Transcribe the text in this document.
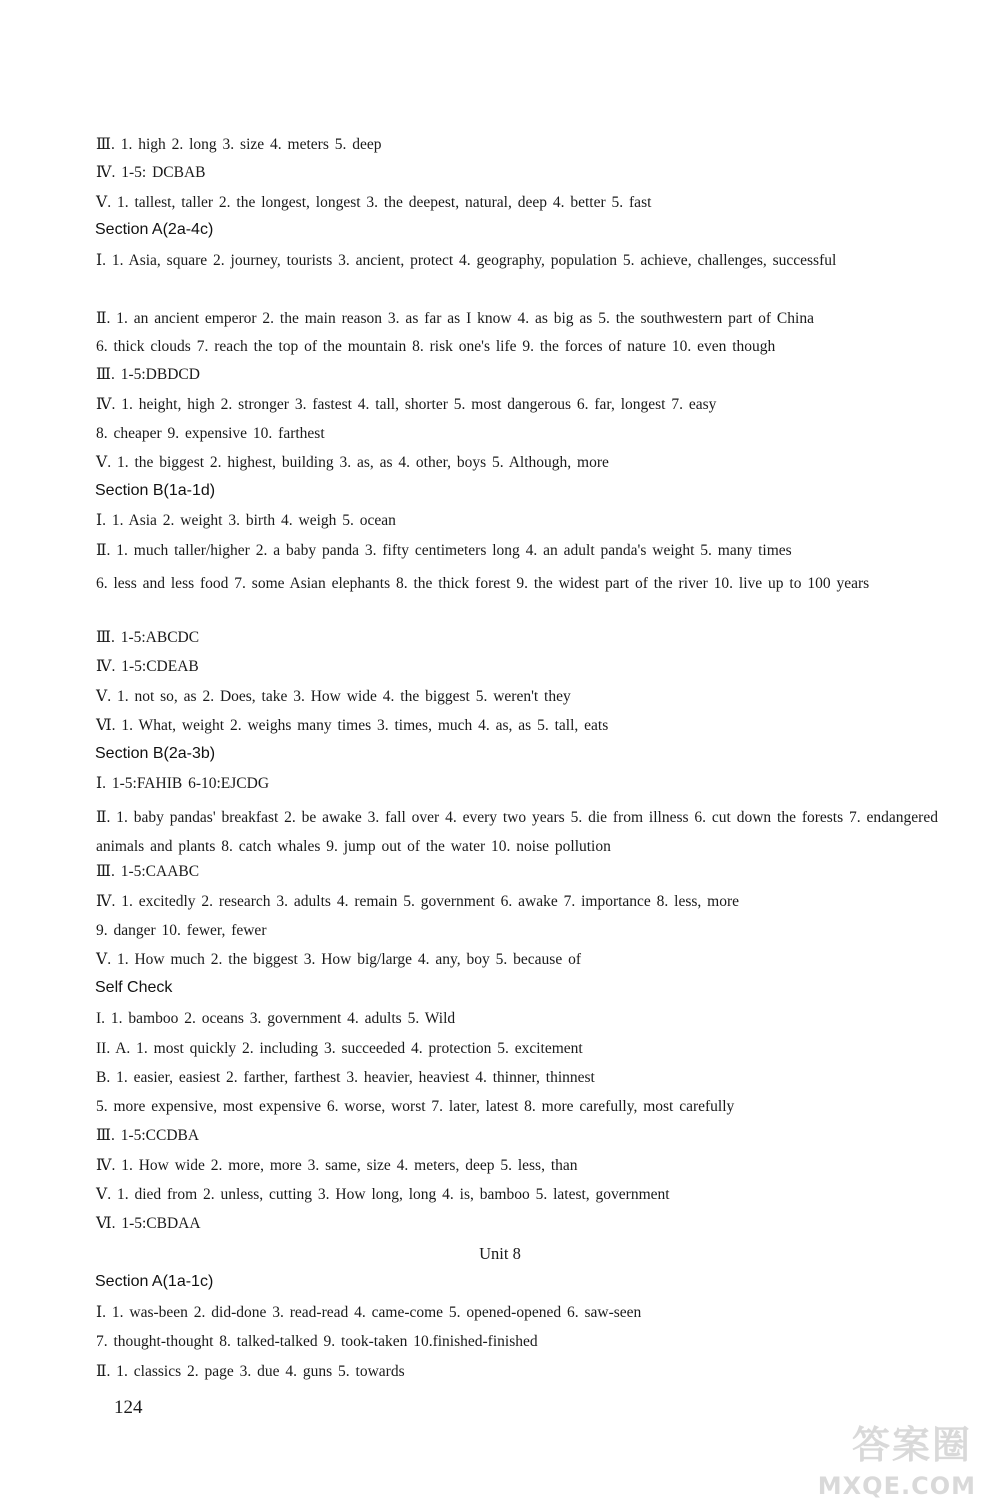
Ⅲ. 1. high 2. long 3. size 4. meters 5. deep
Ⅳ. 1-5: DCBAB
Ⅴ. 1. tallest, taller 2. the longest, longest 3. the deepest, natural, deep 4. better 5. fast
Section A(2a-4c)
Ⅰ. 1. Asia, square 2. journey, tourists 3. ancient, protect 4. geography, population 5. achieve, challenges, successful
Ⅱ. 1. an ancient emperor 2. the main reason 3. as far as I know 4. as big as 5. the southwestern part of China
6. thick clouds 7. reach the top of the mountain 8. risk one's life 9. the forces of nature 10. even though
Ⅲ. 1-5:DBDCD
Ⅳ. 1. height, high 2. stronger 3. fastest 4. tall, shorter 5. most dangerous 6. far, longest 7. easy
8. cheaper 9. expensive 10. farthest
Ⅴ. 1. the biggest 2. highest, building 3. as, as 4. other, boys 5. Although, more
Section B(1a-1d)
Ⅰ. 1. Asia 2. weight 3. birth 4. weigh 5. ocean
Ⅱ. 1. much taller/higher 2. a baby panda 3. fifty centimeters long 4. an adult panda's weight 5. many times
6. less and less food 7. some Asian elephants 8. the thick forest 9. the widest part of the river 10. live up to 100 years
Ⅲ. 1-5:ABCDC
Ⅳ. 1-5:CDEAB
Ⅴ. 1. not so, as 2. Does, take 3. How wide 4. the biggest 5. weren't they
Ⅵ. 1. What, weight 2. weighs many times 3. times, much 4. as, as 5. tall, eats
Section B(2a-3b)
Ⅰ. 1-5:FAHIB 6-10:EJCDG
Ⅱ. 1. baby pandas' breakfast 2. be awake 3. fall over 4. every two years 5. die from illness 6. cut down the forests 7. endangered animals and plants 8. catch whales 9. jump out of the water 10. noise pollution
Ⅲ. 1-5:CAABC
Ⅳ. 1. excitedly 2. research 3. adults 4. remain 5. government 6. awake 7. importance 8. less, more
9. danger 10. fewer, fewer
Ⅴ. 1. How much 2. the biggest 3. How big/large 4. any, boy 5. because of
Self Check
I. 1. bamboo 2. oceans 3. government 4. adults 5. Wild
II. A. 1. most quickly 2. including 3. succeeded 4. protection 5. excitement
B. 1. easier, easiest 2. farther, farthest 3. heavier, heaviest 4. thinner, thinnest
5. more expensive, most expensive 6. worse, worst 7. later, latest 8. more carefully, most carefully
Ⅲ. 1-5:CCDBA
Ⅳ. 1. How wide 2. more, more 3. same, size 4. meters, deep 5. less, than
Ⅴ. 1. died from 2. unless, cutting 3. How long, long 4. is, bamboo 5. latest, government
Ⅵ. 1-5:CBDAA
Unit 8
Section A(1a-1c)
Ⅰ. 1. was-been 2. did-done 3. read-read 4. came-come 5. opened-opened 6. saw-seen
7. thought-thought 8. talked-talked 9. took-taken 10.finished-finished
Ⅱ. 1. classics 2. page 3. due 4. guns 5. towards
124
答案圈
MXQE.COM
